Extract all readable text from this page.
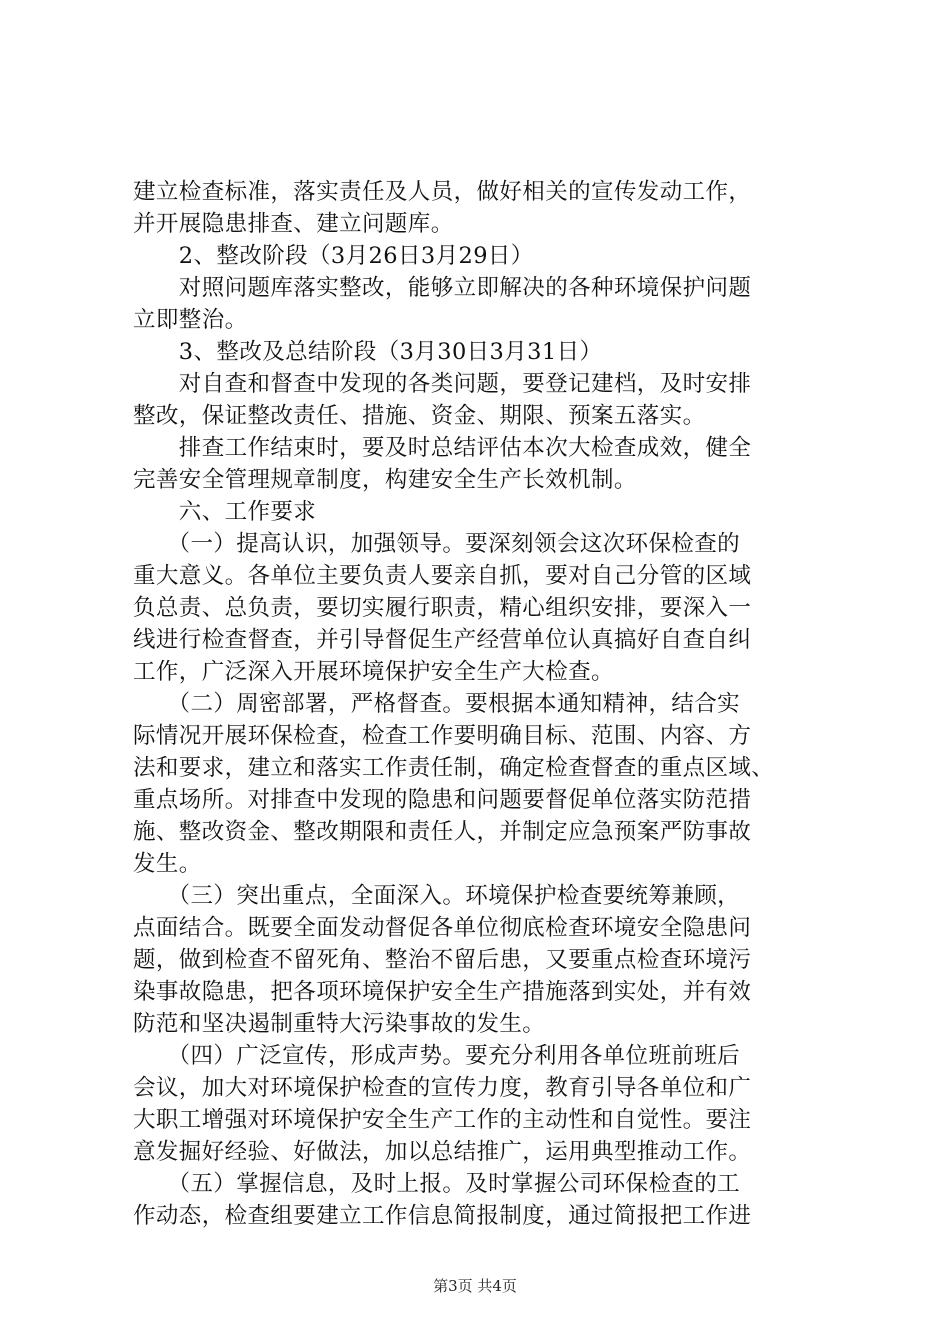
建立检查标准，落实责任及人员，做好相关的宣传发动工作，
并开展隐患排查、建立问题库。
　　2、整改阶段（3月26日3月29日）
　　对照问题库落实整改，能够立即解决的各种环境保护问题
立即整治。
　　3、整改及总结阶段（3月30日3月31日）
　　对自查和督查中发现的各类问题，要登记建档，及时安排
整改，保证整改责任、措施、资金、期限、预案五落实。
　　排查工作结束时，要及时总结评估本次大检查成效，健全
完善安全管理规章制度，构建安全生产长效机制。
　　六、工作要求
　　（一）提高认识，加强领导。要深刻领会这次环保检查的
重大意义。各单位主要负责人要亲自抓，要对自己分管的区域
负总责、总负责，要切实履行职责，精心组织安排，要深入一
线进行检查督查，并引导督促生产经营单位认真搞好自查自纠
工作，广泛深入开展环境保护安全生产大检查。
　　（二）周密部署，严格督查。要根据本通知精神，结合实
际情况开展环保检查，检查工作要明确目标、范围、内容、方
法和要求，建立和落实工作责任制，确定检查督查的重点区域、
重点场所。对排查中发现的隐患和问题要督促单位落实防范措
施、整改资金、整改期限和责任人，并制定应急预案严防事故
发生。
　　（三）突出重点，全面深入。环境保护检查要统筹兼顾，
点面结合。既要全面发动督促各单位彻底检查环境安全隐患问
题，做到检查不留死角、整治不留后患，又要重点检查环境污
染事故隐患，把各项环境保护安全生产措施落到实处，并有效
防范和坚决遏制重特大污染事故的发生。
　　（四）广泛宣传，形成声势。要充分利用各单位班前班后
会议，加大对环境保护检查的宣传力度，教育引导各单位和广
大职工增强对环境保护安全生产工作的主动性和自觉性。要注
意发掘好经验、好做法，加以总结推广，运用典型推动工作。
　　（五）掌握信息，及时上报。及时掌握公司环保检查的工
作动态，检查组要建立工作信息简报制度，通过简报把工作进
第3页 共4页
